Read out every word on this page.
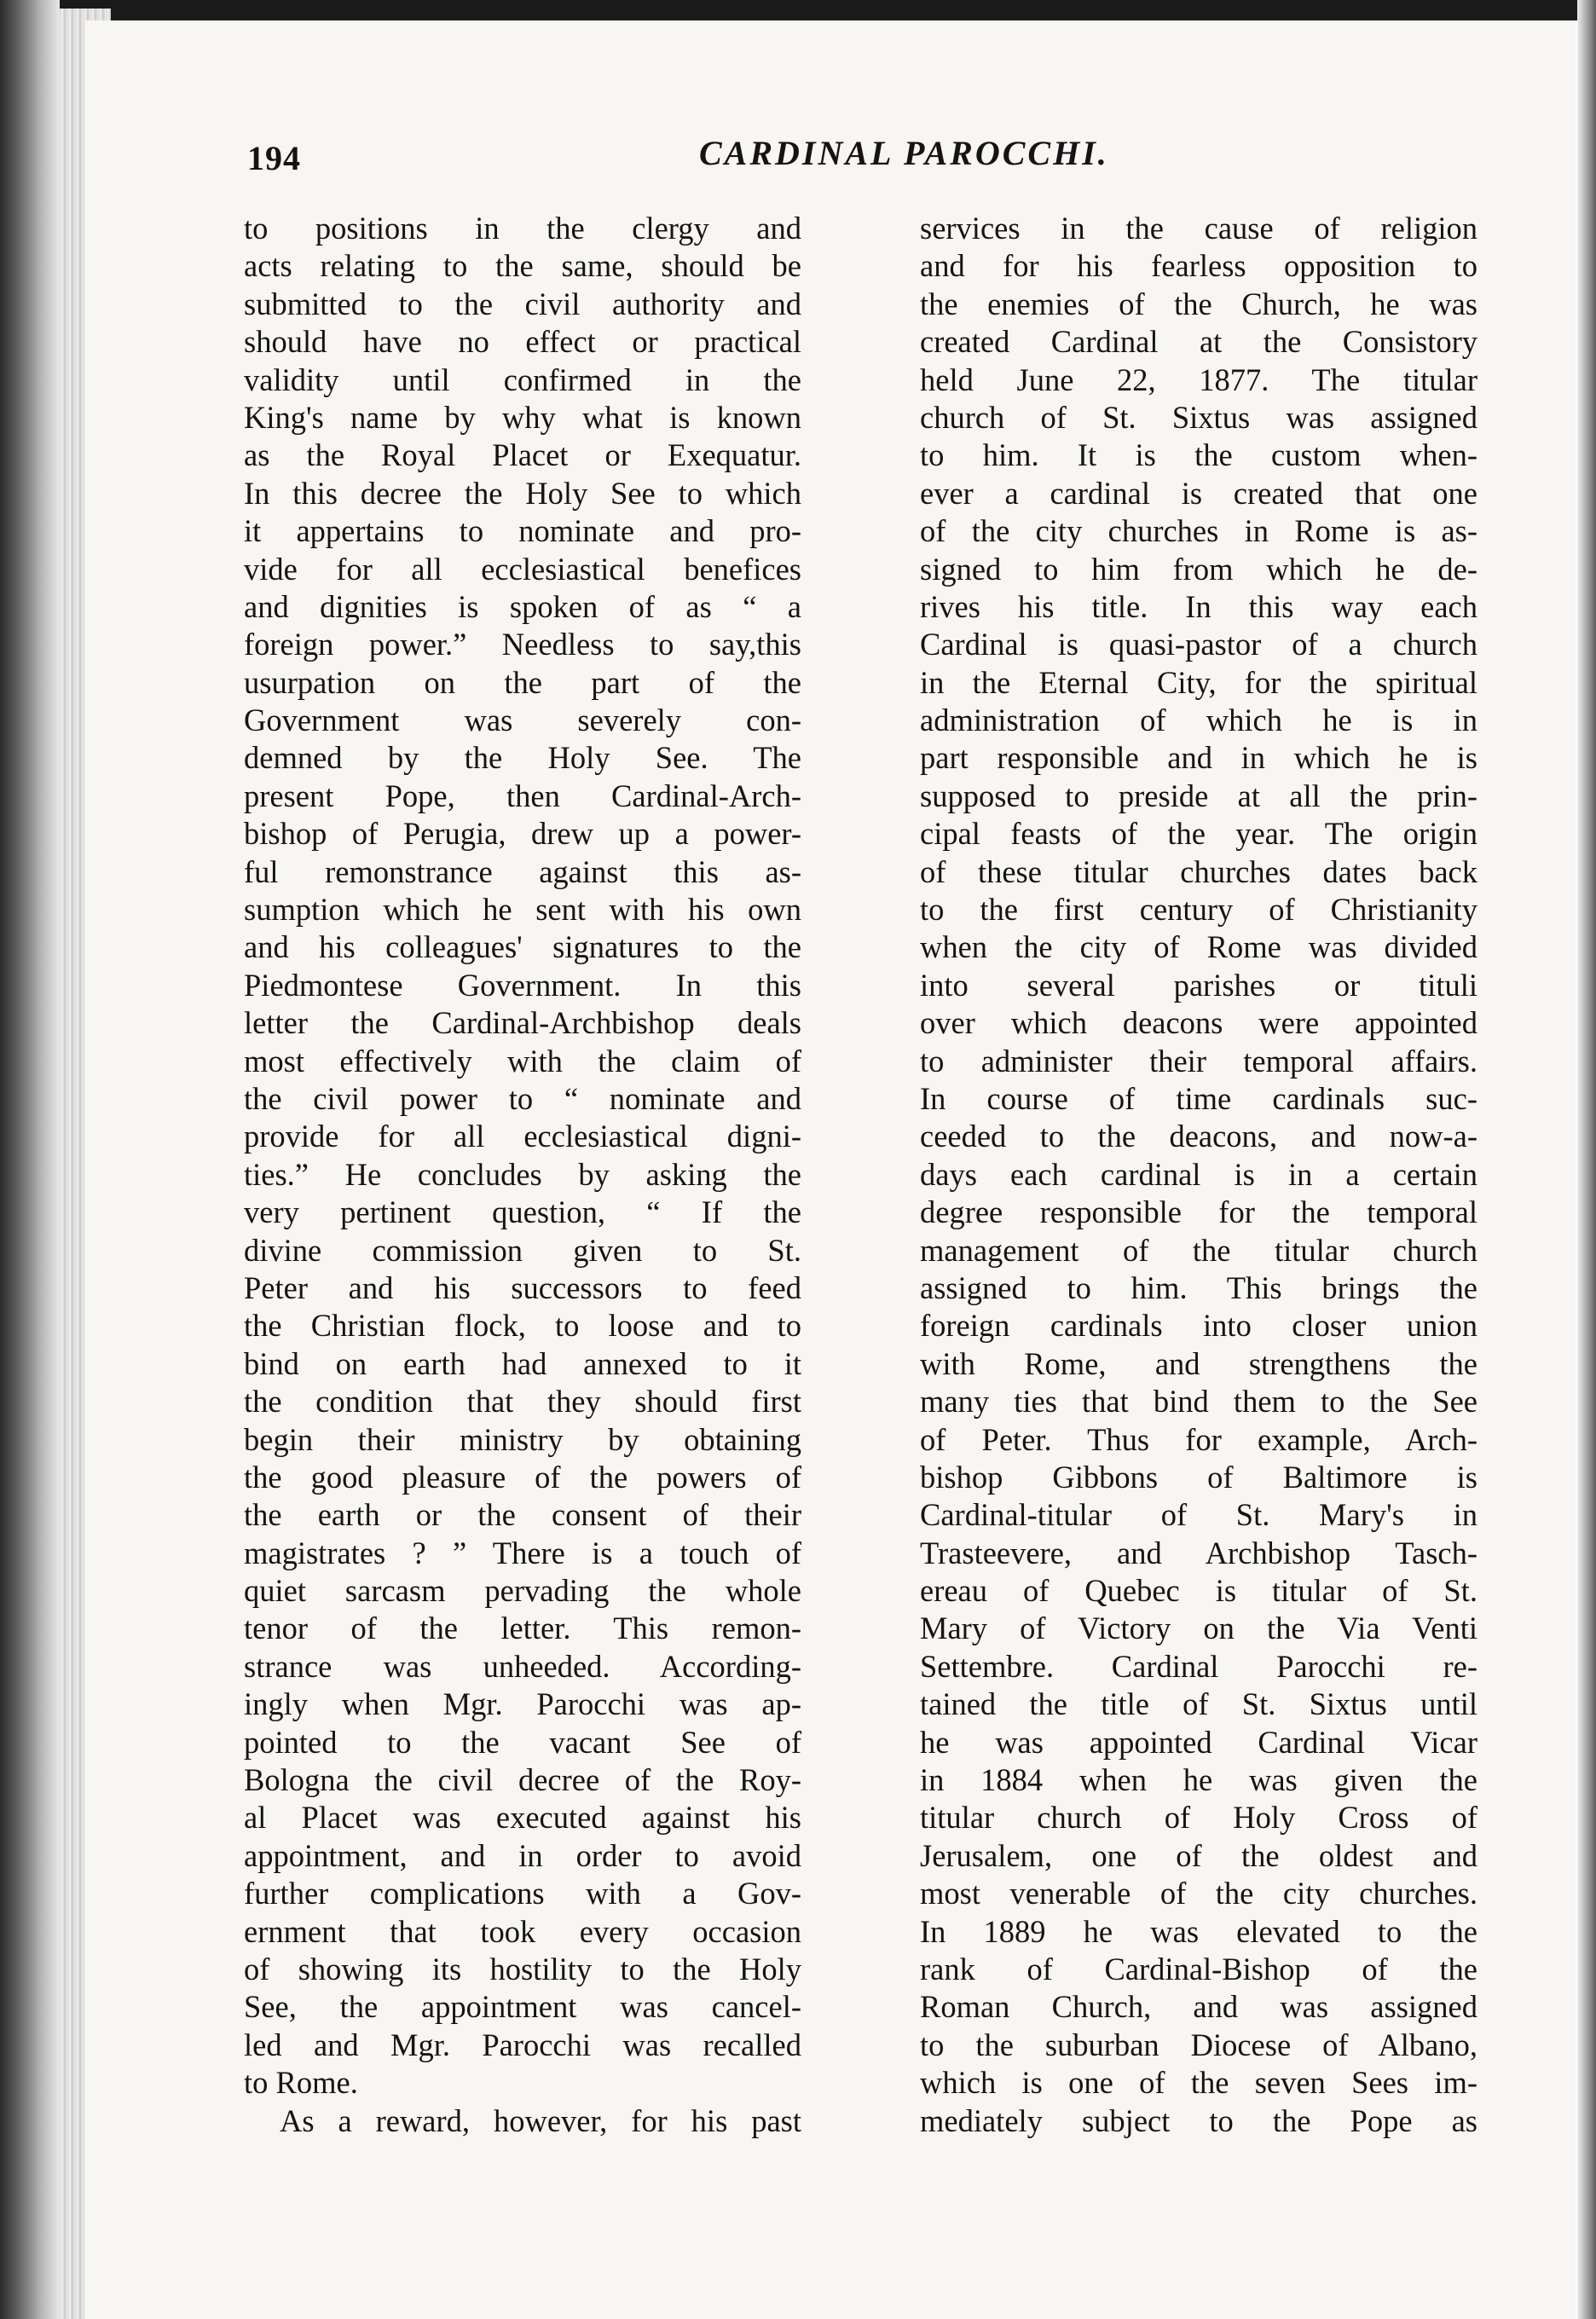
194	CARDINAL PAROCCHI.
to positions in the clergy and
acts relating to the same, should be
submitted to the civil authority and
should have no effect or practical
validity until confirmed in the
King's name by why what is known
as the Royal Placet or Exequatur.
In this decree the Holy See to which
it appertains to nominate and pro-
vide for all ecclesiastical benefices
and dignities is spoken of as “ a
foreign power.” Needless to say,this
usurpation on the part of the
Government was severely con-
demned by the Holy See. The
present Pope, then Cardinal-Arch-
bishop of Perugia, drew up a power-
ful remonstrance against this as-
sumption which he sent with his own
and his colleagues' signatures to the
Piedmontese Government. In this
letter the Cardinal-Archbishop deals
most effectively with the claim of
the civil power to “ nominate and
provide for all ecclesiastical digni-
ties.” He concludes by asking the
very pertinent question, “ If the
divine commission given to St.
Peter and his successors to feed
the Christian flock, to loose and to
bind on earth had annexed to it
the condition that they should first
begin their ministry by obtaining
the good pleasure of the powers of
the earth or the consent of their
magistrates ? ” There is a touch of
quiet sarcasm pervading the whole
tenor of the letter. This remon-
strance was unheeded. According-
ingly when Mgr. Parocchi was ap-
pointed to the vacant See of
Bologna the civil decree of the Roy-
al Placet was executed against his
appointment, and in order to avoid
further complications with a Gov-
ernment that took every occasion
of showing its hostility to the Holy
See, the appointment was cancel-
led and Mgr. Parocchi was recalled
to Rome.
As a reward, however, for his past
services in the cause of religion
and for his fearless opposition to
the enemies of the Church, he was
created Cardinal at the Consistory
held June 22, 1877. The titular
church of St. Sixtus was assigned
to him. It is the custom when-
ever a cardinal is created that one
of the city churches in Rome is as-
signed to him from which he de-
rives his title. In this way each
Cardinal is quasi-pastor of a church
in the Eternal City, for the spiritual
administration of which he is in
part responsible and in which he is
supposed to preside at all the prin-
cipal feasts of the year. The origin
of these titular churches dates back
to the first century of Christianity
when the city of Rome was divided
into several parishes or tituli
over which deacons were appointed
to administer their temporal affairs.
In course of time cardinals suc-
ceeded to the deacons, and now-a-
days each cardinal is in a certain
degree responsible for the temporal
management of the titular church
assigned to him. This brings the
foreign cardinals into closer union
with Rome, and strengthens the
many ties that bind them to the See
of Peter. Thus for example, Arch-
bishop Gibbons of Baltimore is
Cardinal-titular of St. Mary's in
Trasteevere, and Archbishop Tasch-
ereau of Quebec is titular of St.
Mary of Victory on the Via Venti
Settembre. Cardinal Parocchi re-
tained the title of St. Sixtus until
he was appointed Cardinal Vicar
in 1884 when he was given the
titular church of Holy Cross of
Jerusalem, one of the oldest and
most venerable of the city churches.
In 1889 he was elevated to the
rank of Cardinal-Bishop of the
Roman Church, and was assigned
to the suburban Diocese of Albano,
which is one of the seven Sees im-
mediately subject to the Pope as
